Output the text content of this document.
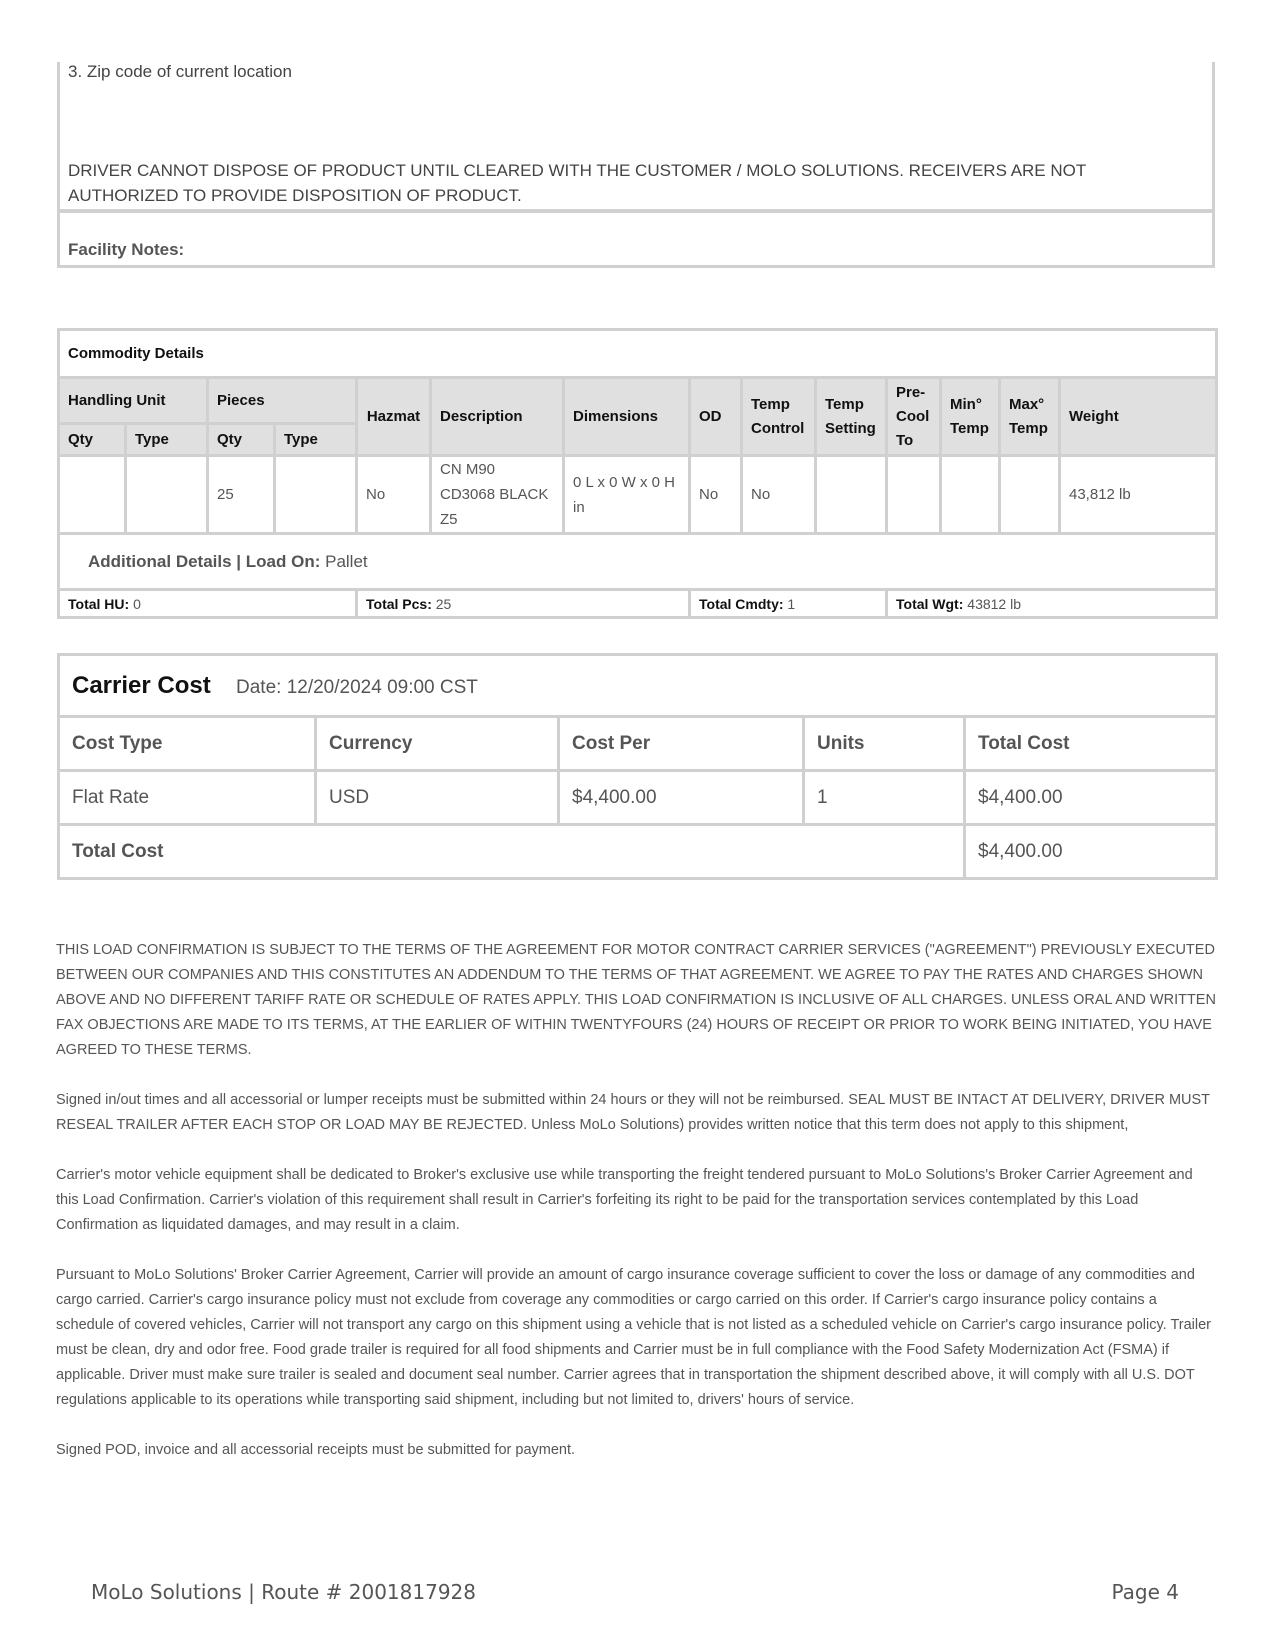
3. Zip code of current location
DRIVER CANNOT DISPOSE OF PRODUCT UNTIL CLEARED WITH THE CUSTOMER / MOLO SOLUTIONS. RECEIVERS ARE NOT AUTHORIZED TO PROVIDE DISPOSITION OF PRODUCT.
Facility Notes:
Commodity Details													
Handling Unit		Pieces		Hazmat	Description	Dimensions	OD	Temp Control	Temp Setting	Pre-Cool To	Min° Temp	Max° Temp	Weight
Qty	Type	Qty	Type										
		25		No	CN M90 CD3068 BLACK Z5	0 L x 0 W x 0 H in	No	No					43,812 lb
Additional Details | Load On: Pallet													
Total HU: 0				Total Pcs: 25			Total Cmdty: 1			Total Wgt: 43812 lb			
Carrier Cost Date: 12/20/2024 09:00 CST				
Cost Type	Currency	Cost Per	Units	Total Cost
Flat Rate	USD	$4,400.00	1	$4,400.00
Total Cost				$4,400.00

THIS LOAD CONFIRMATION IS SUBJECT TO THE TERMS OF THE AGREEMENT FOR MOTOR CONTRACT CARRIER SERVICES ("AGREEMENT") PREVIOUSLY EXECUTED BETWEEN OUR COMPANIES AND THIS CONSTITUTES AN ADDENDUM TO THE TERMS OF THAT AGREEMENT. WE AGREE TO PAY THE RATES AND CHARGES SHOWN ABOVE AND NO DIFFERENT TARIFF RATE OR SCHEDULE OF RATES APPLY. THIS LOAD CONFIRMATION IS INCLUSIVE OF ALL CHARGES. UNLESS ORAL AND WRITTEN FAX OBJECTIONS ARE MADE TO ITS TERMS, AT THE EARLIER OF WITHIN TWENTYFOURS (24) HOURS OF RECEIPT OR PRIOR TO WORK BEING INITIATED, YOU HAVE AGREED TO THESE TERMS.

Signed in/out times and all accessorial or lumper receipts must be submitted within 24 hours or they will not be reimbursed. SEAL MUST BE INTACT AT DELIVERY, DRIVER MUST RESEAL TRAILER AFTER EACH STOP OR LOAD MAY BE REJECTED. Unless MoLo Solutions) provides written notice that this term does not apply to this shipment,

Carrier's motor vehicle equipment shall be dedicated to Broker's exclusive use while transporting the freight tendered pursuant to MoLo Solutions's Broker Carrier Agreement and this Load Confirmation. Carrier's violation of this requirement shall result in Carrier's forfeiting its right to be paid for the transportation services contemplated by this Load Confirmation as liquidated damages, and may result in a claim.

Pursuant to MoLo Solutions' Broker Carrier Agreement, Carrier will provide an amount of cargo insurance coverage sufficient to cover the loss or damage of any commodities and cargo carried. Carrier's cargo insurance policy must not exclude from coverage any commodities or cargo carried on this order. If Carrier's cargo insurance policy contains a schedule of covered vehicles, Carrier will not transport any cargo on this shipment using a vehicle that is not listed as a scheduled vehicle on Carrier's cargo insurance policy. Trailer must be clean, dry and odor free. Food grade trailer is required for all food shipments and Carrier must be in full compliance with the Food Safety Modernization Act (FSMA) if applicable. Driver must make sure trailer is sealed and document seal number. Carrier agrees that in transportation the shipment described above, it will comply with all U.S. DOT regulations applicable to its operations while transporting said shipment, including but not limited to, drivers' hours of service.

Signed POD, invoice and all accessorial receipts must be submitted for payment.

MoLo Solutions | Route # 2001817928	Page 4
